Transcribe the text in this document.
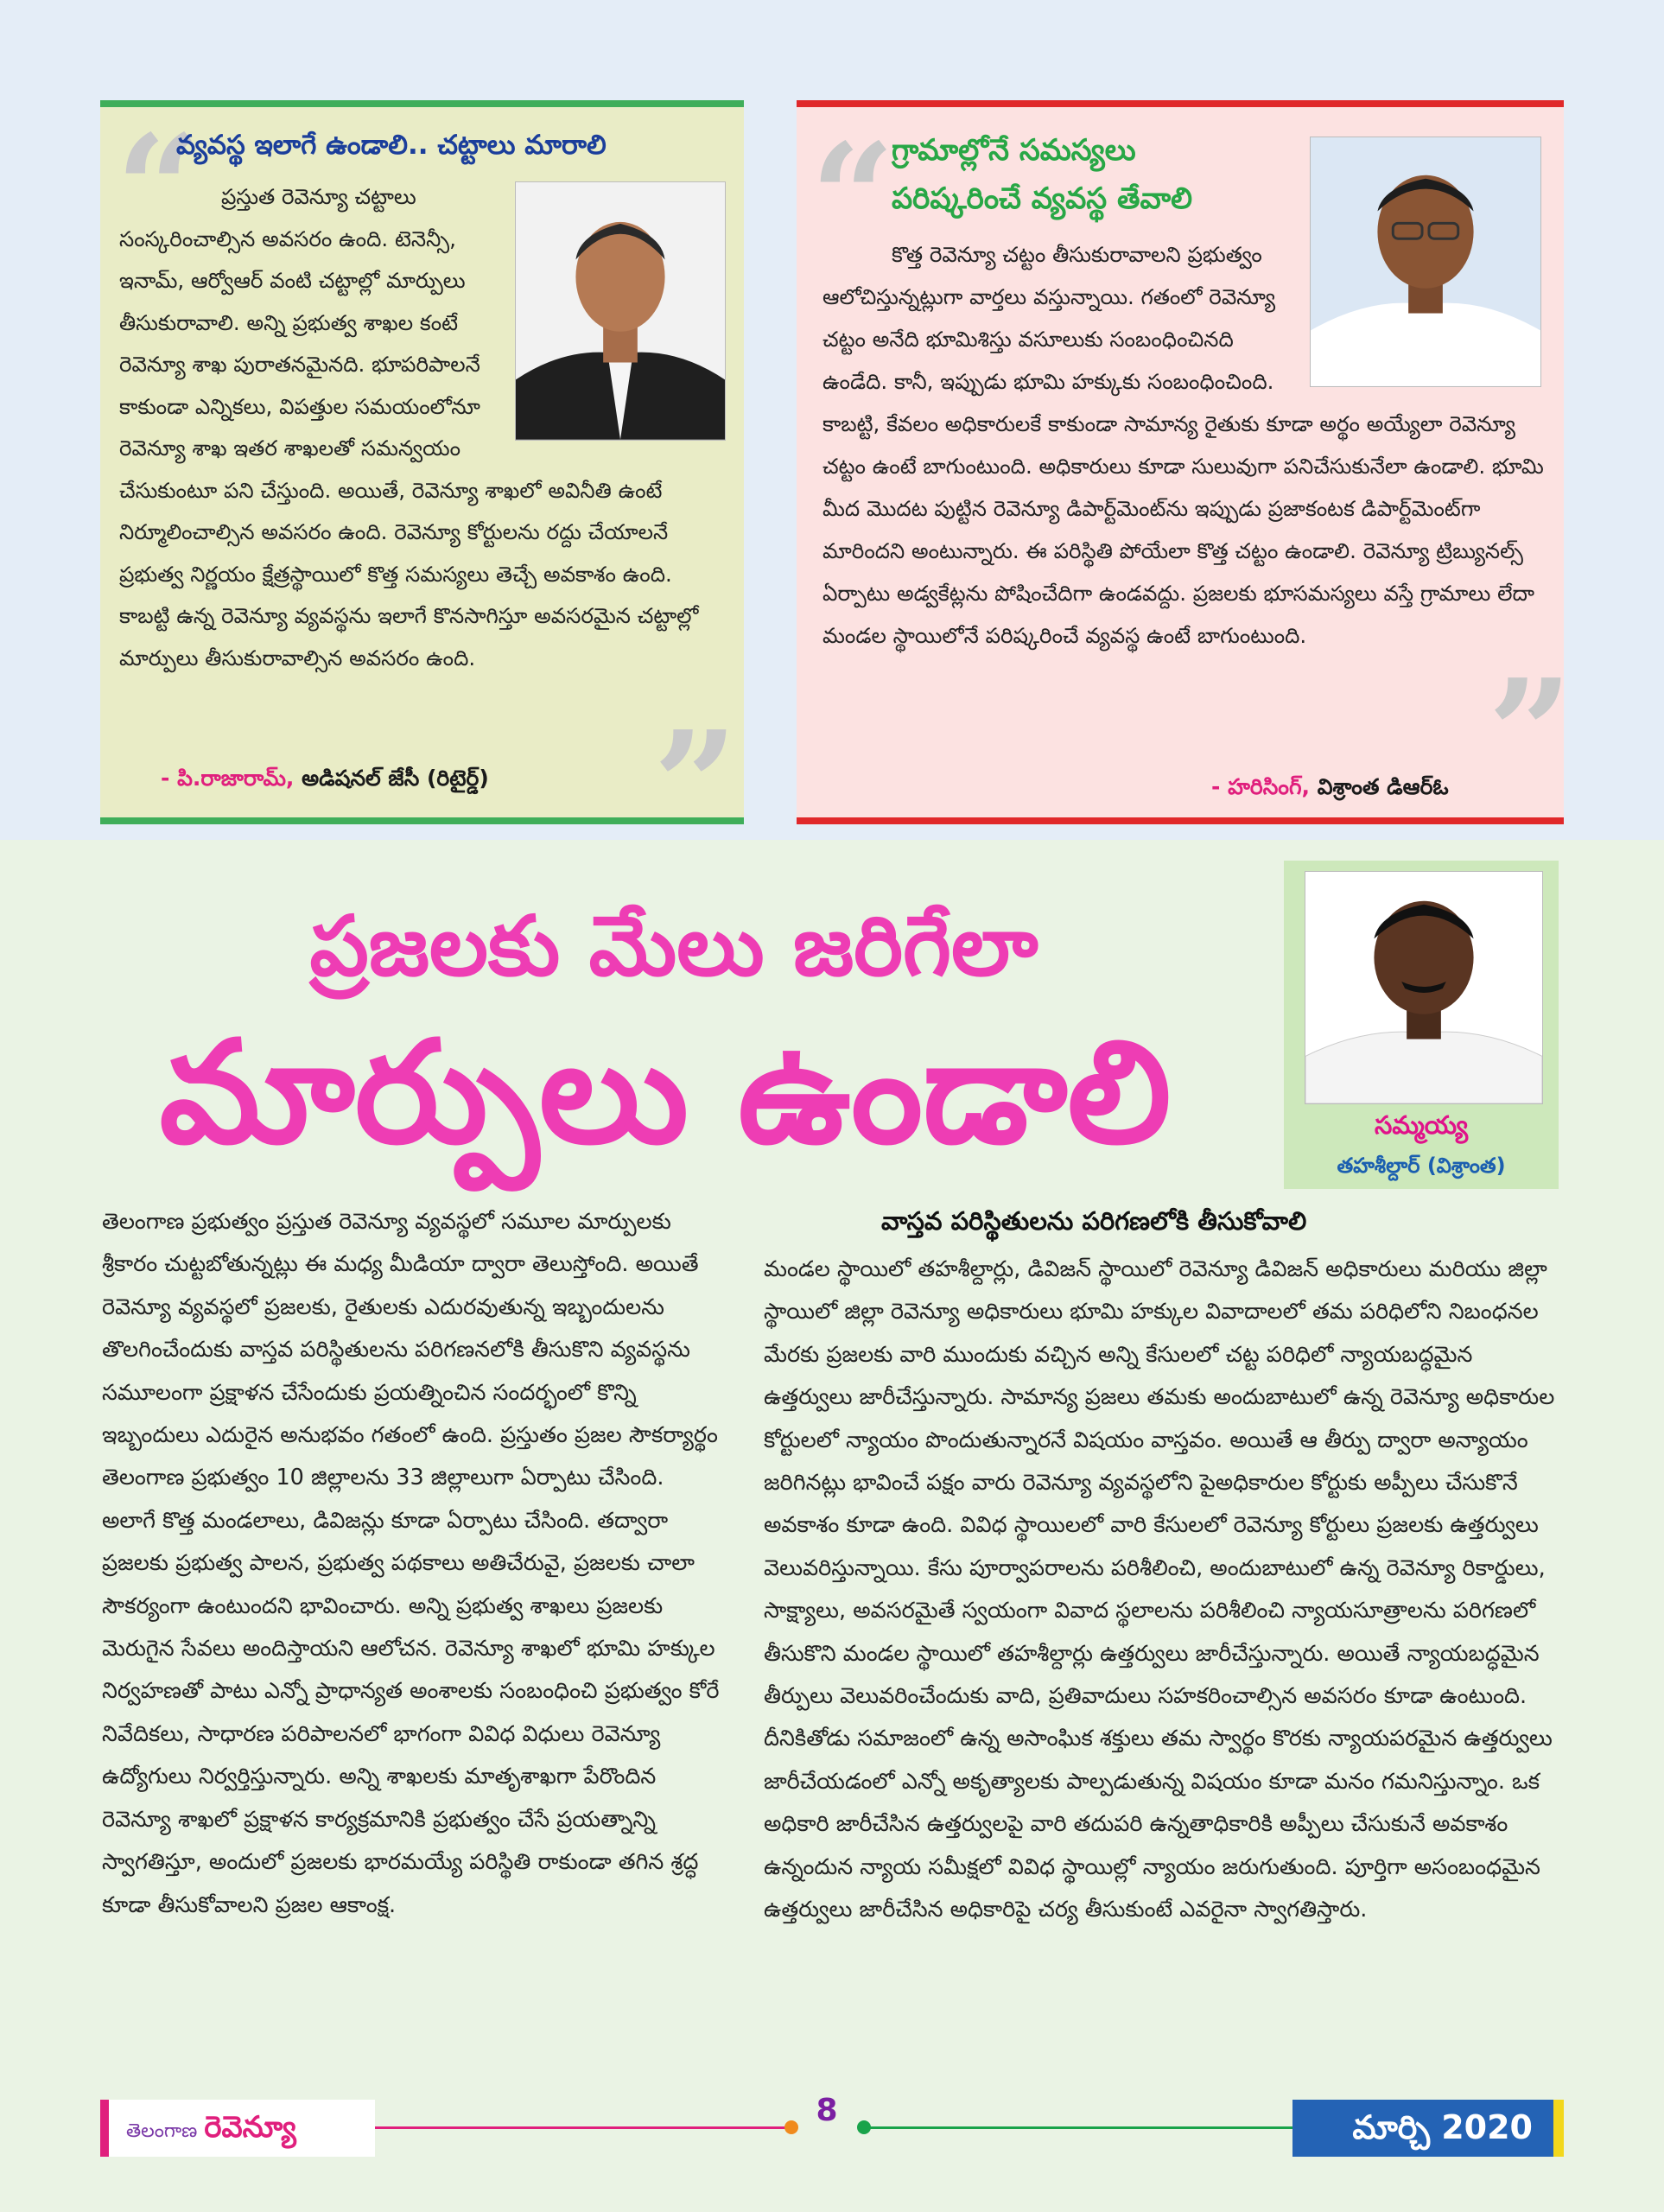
“
”
వ్యవస్థ ఇలాగే ఉండాలి.. చట్టాలు మారాలి

ప్రస్తుత రెవెన్యూ చట్టాలు సంస్కరించాల్సిన అవసరం ఉంది. టెనెన్సీ, ఇనామ్, ఆర్వోఆర్ వంటి చట్టాల్లో మార్పులు తీసుకురావాలి. అన్ని ప్రభుత్వ శాఖల కంటే రెవెన్యూ శాఖ పురాతనమైనది. భూపరిపాలనే కాకుండా ఎన్నికలు, విపత్తుల సమయంలోనూ రెవెన్యూ శాఖ ఇతర శాఖలతో సమన్వయం చేసుకుంటూ పని చేస్తుంది. అయితే, రెవెన్యూ శాఖలో అవినీతి ఉంటే నిర్మూలించాల్సిన అవసరం ఉంది. రెవెన్యూ కోర్టులను రద్దు చేయాలనే ప్రభుత్వ నిర్ణయం క్షేత్రస్థాయిలో కొత్త సమస్యలు తెచ్చే అవకాశం ఉంది. కాబట్టి ఉన్న రెవెన్యూ వ్యవస్థను ఇలాగే కొనసాగిస్తూ అవసరమైన చట్టాల్లో మార్పులు తీసుకురావాల్సిన అవసరం ఉంది.

- పి.రాజారామ్, అడిషనల్ జేసీ (రిటైర్డ్)
“
”
గ్రామాల్లోనే సమస్యలు
పరిష్కరించే వ్యవస్థ తేవాలి

కొత్త రెవెన్యూ చట్టం తీసుకురావాలని ప్రభుత్వం ఆలోచిస్తున్నట్లుగా వార్తలు వస్తున్నాయి. గతంలో రెవెన్యూ చట్టం అనేది భూమిశిస్తు వసూలుకు సంబంధించినది ఉండేది. కానీ, ఇప్పుడు భూమి హక్కుకు సంబంధించింది. కాబట్టి, కేవలం అధికారులకే కాకుండా సామాన్య రైతుకు కూడా అర్థం అయ్యేలా రెవెన్యూ చట్టం ఉంటే బాగుంటుంది. అధికారులు కూడా సులువుగా పనిచేసుకునేలా ఉండాలి. భూమి మీద మొదట పుట్టిన రెవెన్యూ డిపార్ట్‌మెంట్‌ను ఇప్పుడు ప్రజాకంటక డిపార్ట్‌మెంట్‌గా మారిందని అంటున్నారు. ఈ పరిస్థితి పోయేలా కొత్త చట్టం ఉండాలి. రెవెన్యూ ట్రిబ్యునల్స్ ఏర్పాటు అడ్వకేట్లను పోషించేదిగా ఉండవద్దు. ప్రజలకు భూసమస్యలు వస్తే గ్రామాలు లేదా మండల స్థాయిలోనే పరిష్కరించే వ్యవస్థ ఉంటే బాగుంటుంది.

- హరిసింగ్, విశ్రాంత డిఆర్ఓ
ప్రజలకు మేలు జరిగేలా
మార్పులు ఉండాలి	సమ్మయ్య
తహశీల్దార్ (విశ్రాంత)

తెలంగాణ ప్రభుత్వం ప్రస్తుత రెవెన్యూ వ్యవస్థలో సమూల మార్పులకు శ్రీకారం చుట్టబోతున్నట్లు ఈ మధ్య మీడియా ద్వారా తెలుస్తోంది. అయితే రెవెన్యూ వ్యవస్థలో ప్రజలకు, రైతులకు ఎదురవుతున్న ఇబ్బందులను తొలగించేందుకు వాస్తవ పరిస్థితులను పరిగణనలోకి తీసుకొని వ్యవస్థను సమూలంగా ప్రక్షాళన చేసేందుకు ప్రయత్నించిన సందర్భంలో కొన్ని ఇబ్బందులు ఎదురైన అనుభవం గతంలో ఉంది. ప్రస్తుతం ప్రజల సౌకర్యార్థం తెలంగాణ ప్రభుత్వం 10 జిల్లాలను 33 జిల్లాలుగా ఏర్పాటు చేసింది. అలాగే కొత్త మండలాలు, డివిజన్లు కూడా ఏర్పాటు చేసింది. తద్వారా ప్రజలకు ప్రభుత్వ పాలన, ప్రభుత్వ పథకాలు అతిచేరువై, ప్రజలకు చాలా సౌకర్యంగా ఉంటుందని భావించారు. అన్ని ప్రభుత్వ శాఖలు ప్రజలకు మెరుగైన సేవలు అందిస్తాయని ఆలోచన. రెవెన్యూ శాఖలో భూమి హక్కుల నిర్వహణతో పాటు ఎన్నో ప్రాధాన్యత అంశాలకు సంబంధించి ప్రభుత్వం కోరే నివేదికలు, సాధారణ పరిపాలనలో భాగంగా వివిధ విధులు రెవెన్యూ ఉద్యోగులు నిర్వర్తిస్తున్నారు. అన్ని శాఖలకు మాతృశాఖగా పేరొందిన రెవెన్యూ శాఖలో ప్రక్షాళన కార్యక్రమానికి ప్రభుత్వం చేసే ప్రయత్నాన్ని స్వాగతిస్తూ, అందులో ప్రజలకు భారమయ్యే పరిస్థితి రాకుండా తగిన శ్రద్ధ కూడా తీసుకోవాలని ప్రజల ఆకాంక్ష.

వాస్తవ పరిస్థితులను పరిగణలోకి తీసుకోవాలి

మండల స్థాయిలో తహశీల్దార్లు, డివిజన్ స్థాయిలో రెవెన్యూ డివిజన్ అధికారులు మరియు జిల్లా స్థాయిలో జిల్లా రెవెన్యూ అధికారులు భూమి హక్కుల వివాదాలలో తమ పరిధిలోని నిబంధనల మేరకు ప్రజలకు వారి ముందుకు వచ్చిన అన్ని కేసులలో చట్ట పరిధిలో న్యాయబద్ధమైన ఉత్తర్వులు జారీచేస్తున్నారు. సామాన్య ప్రజలు తమకు అందుబాటులో ఉన్న రెవెన్యూ అధికారుల కోర్టులలో న్యాయం పొందుతున్నారనే విషయం వాస్తవం. అయితే ఆ తీర్పు ద్వారా అన్యాయం జరిగినట్లు భావించే పక్షం వారు రెవెన్యూ వ్యవస్థలోని పైఅధికారుల కోర్టుకు అప్పీలు చేసుకొనే అవకాశం కూడా ఉంది. వివిధ స్థాయిలలో వారి కేసులలో రెవెన్యూ కోర్టులు ప్రజలకు ఉత్తర్వులు వెలువరిస్తున్నాయి. కేసు పూర్వాపరాలను పరిశీలించి, అందుబాటులో ఉన్న రెవెన్యూ రికార్డులు, సాక్ష్యాలు, అవసరమైతే స్వయంగా వివాద స్థలాలను పరిశీలించి న్యాయసూత్రాలను పరిగణలో తీసుకొని మండల స్థాయిలో తహశీల్దార్లు ఉత్తర్వులు జారీచేస్తున్నారు. అయితే న్యాయబద్ధమైన తీర్పులు వెలువరించేందుకు వాది, ప్రతివాదులు సహకరించాల్సిన అవసరం కూడా ఉంటుంది. దీనికితోడు సమాజంలో ఉన్న అసాంఘిక శక్తులు తమ స్వార్థం కొరకు న్యాయపరమైన ఉత్తర్వులు జారీచేయడంలో ఎన్నో అకృత్యాలకు పాల్పడుతున్న విషయం కూడా మనం గమనిస్తున్నాం. ఒక అధికారి జారీచేసిన ఉత్తర్వులపై వారి తదుపరి ఉన్నతాధికారికి అప్పీలు చేసుకునే అవకాశం ఉన్నందున న్యాయ సమీక్షలో వివిధ స్థాయిల్లో న్యాయం జరుగుతుంది. పూర్తిగా అసంబంధమైన ఉత్తర్వులు జారీచేసిన అధికారిపై చర్య తీసుకుంటే ఎవరైనా స్వాగతిస్తారు.

తెలంగాణ రెవెన్యూ	8	మార్చి 2020
